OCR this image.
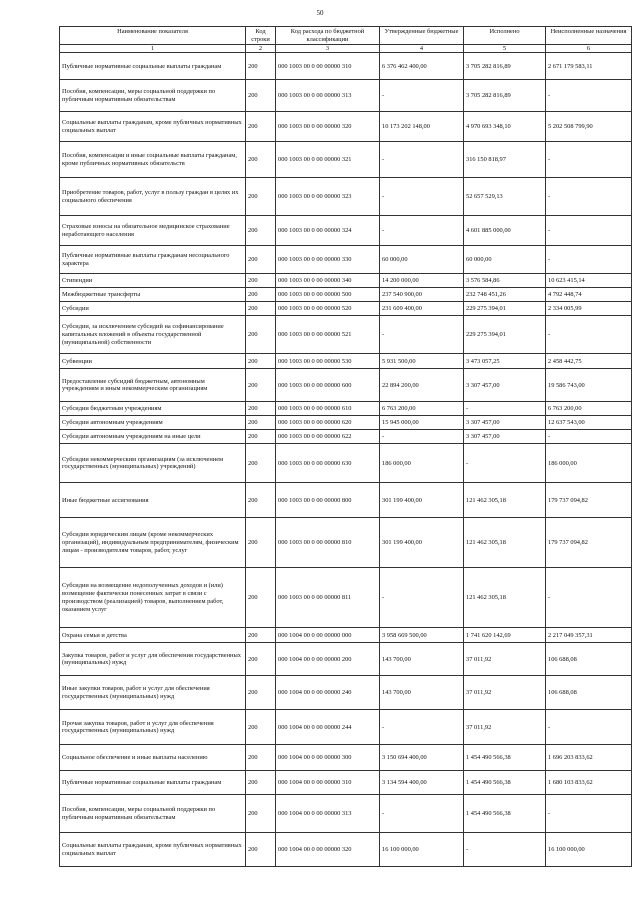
50
Наименование показателя	Код строки	Код расхода по бюджетной классификации	Утвержденные бюджетные	Исполнено	Неисполненные назначения
1	2	3	4	5	6
Публичные нормативные социальные выплаты гражданам	200	000 1003 00 0 00 00000 310	6 376 462 400,00	3 705 282 816,89	2 671 179 583,11
Пособия, компенсации, меры социальной поддержки по публичным нормативным обязательствам	200	000 1003 00 0 00 00000 313	-	3 705 282 816,89	-
Социальные выплаты гражданам, кроме публичных нормативных социальных выплат	200	000 1003 00 0 00 00000 320	10 173 202 148,00	4 970 693 348,10	5 202 508 799,90
Пособия, компенсации и иные социальные выплаты гражданам, кроме публичных нормативных обязательств	200	000 1003 00 0 00 00000 321	-	316 150 818,97	-
Приобретение товаров, работ, услуг в пользу граждан в целях их социального обеспечения	200	000 1003 00 0 00 00000 323	-	52 657 529,13	-
Страховые взносы на обязательное медицинское страхование неработающего населения	200	000 1003 00 0 00 00000 324	-	4 601 885 000,00	-
Публичные нормативные выплаты гражданам несоциального характера	200	000 1003 00 0 00 00000 330	60 000,00	60 000,00	-
Стипендии	200	000 1003 00 0 00 00000 340	14 200 000,00	3 576 584,86	10 623 415,14
Межбюджетные трансферты	200	000 1003 00 0 00 00000 500	237 540 900,00	232 748 451,26	4 792 448,74
Субсидии	200	000 1003 00 0 00 00000 520	231 609 400,00	229 275 394,01	2 334 005,99
Субсидии, за исключением субсидий на софинансирование капитальных вложений в объекты государственной (муниципальной) собственности	200	000 1003 00 0 00 00000 521	-	229 275 394,01	-
Субвенции	200	000 1003 00 0 00 00000 530	5 931 500,00	3 473 057,25	2 458 442,75
Предоставление субсидий бюджетным, автономным учреждениям и иным некоммерческим организациям	200	000 1003 00 0 00 00000 600	22 894 200,00	3 307 457,00	19 586 743,00
Субсидии бюджетным учреждениям	200	000 1003 00 0 00 00000 610	6 763 200,00	-	6 763 200,00
Субсидии автономным учреждениям	200	000 1003 00 0 00 00000 620	15 945 000,00	3 307 457,00	12 637 543,00
Субсидии автономным учреждениям на иные цели	200	000 1003 00 0 00 00000 622	-	3 307 457,00	-
Субсидии некоммерческим организациям (за исключением государственных (муниципальных) учреждений)	200	000 1003 00 0 00 00000 630	186 000,00	-	186 000,00
Иные бюджетные ассигнования	200	000 1003 00 0 00 00000 800	301 199 400,00	121 462 305,18	179 737 094,82
Субсидии юридическим лицам (кроме некоммерческих организаций), индивидуальным предпринимателям, физическим лицам - производителям товаров, работ, услуг	200	000 1003 00 0 00 00000 810	301 199 400,00	121 462 305,18	179 737 094,82
Субсидии на возмещение недополученных доходов и (или) возмещение фактически понесенных затрат в связи с производством (реализацией) товаров, выполнением работ, оказанием услуг	200	000 1003 00 0 00 00000 811	-	121 462 305,18	-
Охрана семьи и детства	200	000 1004 00 0 00 00000 000	3 958 669 500,00	1 741 620 142,69	2 217 049 357,31
Закупка товаров, работ и услуг для обеспечения государственных (муниципальных) нужд	200	000 1004 00 0 00 00000 200	143 700,00	37 011,92	106 688,08
Иные закупки товаров, работ и услуг для обеспечения государственных (муниципальных) нужд	200	000 1004 00 0 00 00000 240	143 700,00	37 011,92	106 688,08
Прочая закупка товаров, работ и услуг для обеспечения государственных (муниципальных) нужд	200	000 1004 00 0 00 00000 244	-	37 011,92	-
Социальное обеспечение и иные выплаты населению	200	000 1004 00 0 00 00000 300	3 150 694 400,00	1 454 490 566,38	1 696 203 833,62
Публичные нормативные социальные выплаты гражданам	200	000 1004 00 0 00 00000 310	3 134 594 400,00	1 454 490 566,38	1 680 103 833,62
Пособия, компенсации, меры социальной поддержки по публичным нормативным обязательствам	200	000 1004 00 0 00 00000 313	-	1 454 490 566,38	-
Социальные выплаты гражданам, кроме публичных нормативных социальных выплат	200	000 1004 00 0 00 00000 320	16 100 000,00	-	16 100 000,00
